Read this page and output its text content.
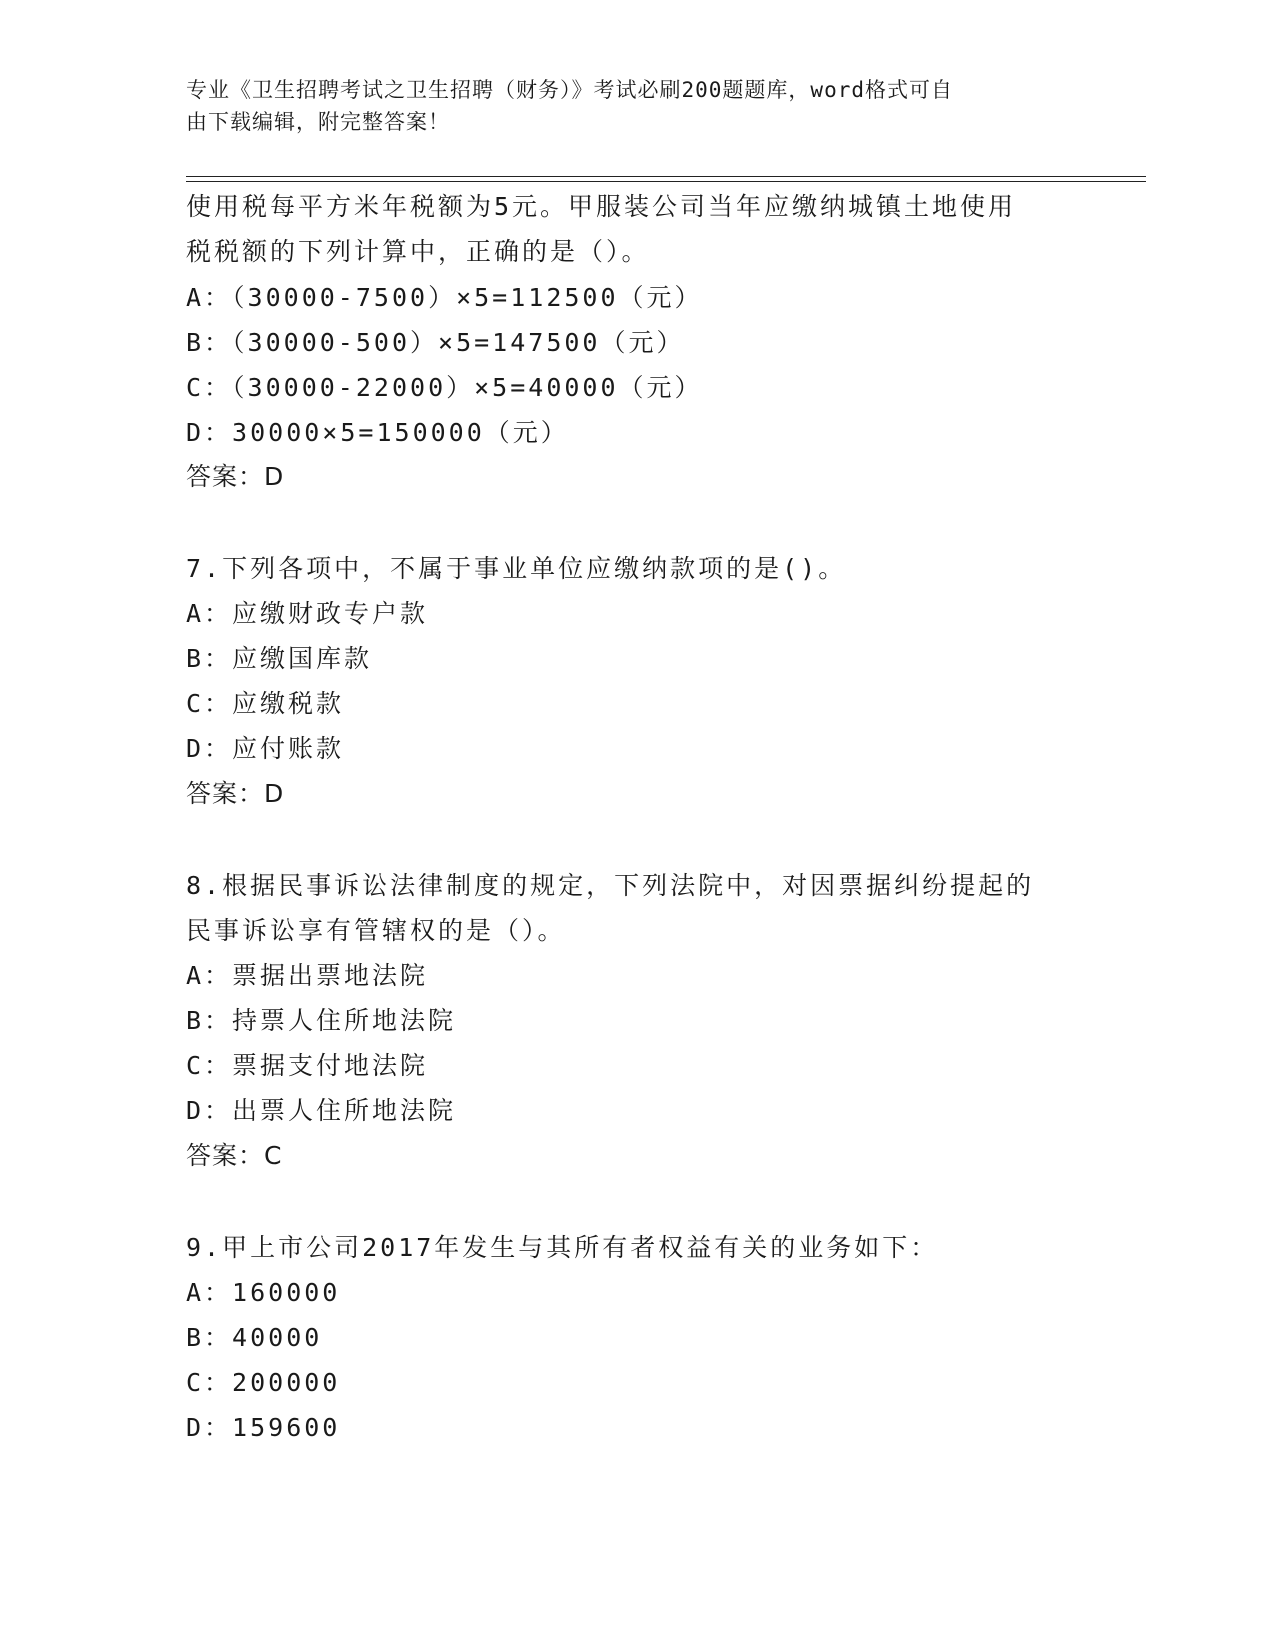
专业《卫生招聘考试之卫生招聘（财务）》考试必刷200题题库，word格式可自
由下载编辑，附完整答案！
使用税每平方米年税额为5元。甲服装公司当年应缴纳城镇土地使用
税税额的下列计算中，正确的是（）。
A：（30000-7500）×5=112500（元）
B：（30000-500）×5=147500（元）
C：（30000-22000）×5=40000（元）
D：30000×5=150000（元）
答案：D
7.下列各项中，不属于事业单位应缴纳款项的是()。
A：应缴财政专户款
B：应缴国库款
C：应缴税款
D：应付账款
答案：D
8.根据民事诉讼法律制度的规定，下列法院中，对因票据纠纷提起的
民事诉讼享有管辖权的是（）。
A：票据出票地法院
B：持票人住所地法院
C：票据支付地法院
D：出票人住所地法院
答案：C
9.甲上市公司2017年发生与其所有者权益有关的业务如下：
A：160000
B：40000
C：200000
D：159600
